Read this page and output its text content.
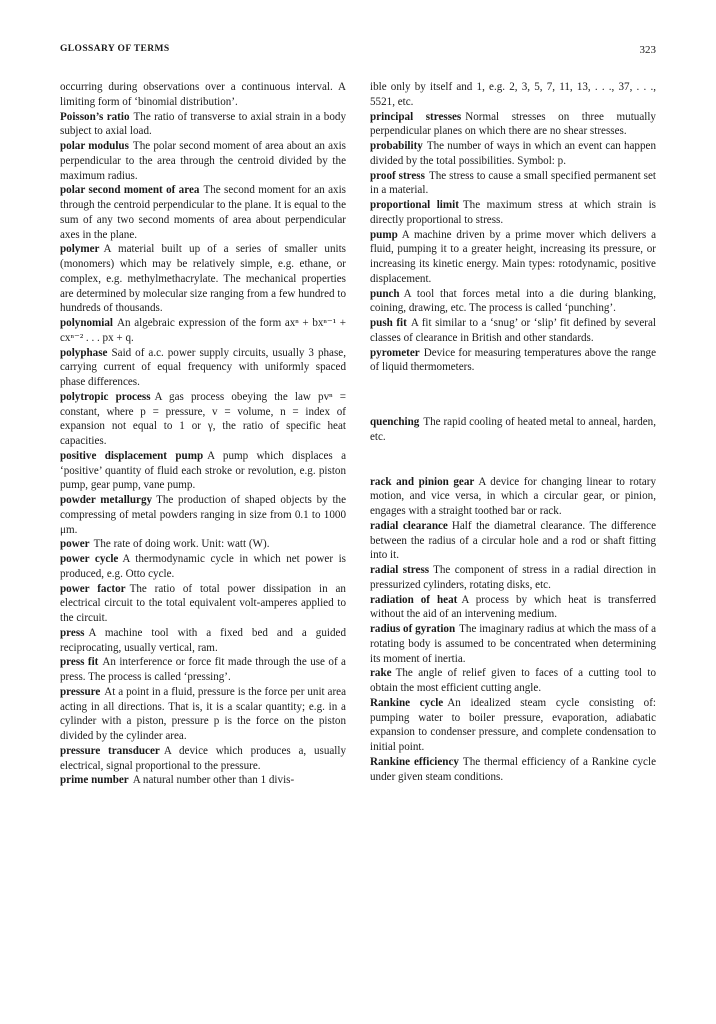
GLOSSARY OF TERMS	323

occurring during observations over a continuous interval. A limiting form of ‘binomial distribution’.

Poisson’s ratio The ratio of transverse to axial strain in a body subject to axial load.

polar modulus The polar second moment of area about an axis perpendicular to the area through the centroid divided by the maximum radius.

polar second moment of area The second moment for an axis through the centroid perpendicular to the plane. It is equal to the sum of any two second moments of area about perpendicular axes in the plane.

polymer A material built up of a series of smaller units (monomers) which may be relatively simple, e.g. ethane, or complex, e.g. methylmethacrylate. The mechanical properties are determined by molecular size ranging from a few hundred to hundreds of thousands.

polynomial An algebraic expression of the form axⁿ + bxⁿ⁻¹ + cxⁿ⁻² . . . px + q.

polyphase Said of a.c. power supply circuits, usually 3 phase, carrying current of equal frequency with uniformly spaced phase differences.

polytropic process A gas process obeying the law pvⁿ = constant, where p = pressure, v = volume, n = index of expansion not equal to 1 or γ, the ratio of specific heat capacities.

positive displacement pump A pump which displaces a ‘positive’ quantity of fluid each stroke or revolution, e.g. piston pump, gear pump, vane pump.

powder metallurgy The production of shaped objects by the compressing of metal powders ranging in size from 0.1 to 1000 μm.

power The rate of doing work. Unit: watt (W).

power cycle A thermodynamic cycle in which net power is produced, e.g. Otto cycle.

power factor The ratio of total power dissipation in an electrical circuit to the total equivalent volt-amperes applied to the circuit.

press A machine tool with a fixed bed and a guided reciprocating, usually vertical, ram.

press fit An interference or force fit made through the use of a press. The process is called ‘pressing’.

pressure At a point in a fluid, pressure is the force per unit area acting in all directions. That is, it is a scalar quantity; e.g. in a cylinder with a piston, pressure p is the force on the piston divided by the cylinder area.

pressure transducer A device which produces a, usually electrical, signal proportional to the pressure.

prime number A natural number other than 1 divis-

ible only by itself and 1, e.g. 2, 3, 5, 7, 11, 13, . . ., 37, . . ., 5521, etc.

principal stresses Normal stresses on three mutually perpendicular planes on which there are no shear stresses.

probability The number of ways in which an event can happen divided by the total possibilities. Symbol: p.

proof stress The stress to cause a small specified permanent set in a material.

proportional limit The maximum stress at which strain is directly proportional to stress.

pump A machine driven by a prime mover which delivers a fluid, pumping it to a greater height, increasing its pressure, or increasing its kinetic energy. Main types: rotodynamic, positive displacement.

punch A tool that forces metal into a die during blanking, coining, drawing, etc. The process is called ‘punching’.

push fit A fit similar to a ‘snug’ or ‘slip’ fit defined by several classes of clearance in British and other standards.

pyrometer Device for measuring temperatures above the range of liquid thermometers.

quenching The rapid cooling of heated metal to anneal, harden, etc.

rack and pinion gear A device for changing linear to rotary motion, and vice versa, in which a circular gear, or pinion, engages with a straight toothed bar or rack.

radial clearance Half the diametral clearance. The difference between the radius of a circular hole and a rod or shaft fitting into it.

radial stress The component of stress in a radial direction in pressurized cylinders, rotating disks, etc.

radiation of heat A process by which heat is transferred without the aid of an intervening medium.

radius of gyration The imaginary radius at which the mass of a rotating body is assumed to be concentrated when determining its moment of inertia.

rake The angle of relief given to faces of a cutting tool to obtain the most efficient cutting angle.

Rankine cycle An idealized steam cycle consisting of: pumping water to boiler pressure, evaporation, adiabatic expansion to condenser pressure, and complete condensation to initial point.

Rankine efficiency The thermal efficiency of a Rankine cycle under given steam conditions.
